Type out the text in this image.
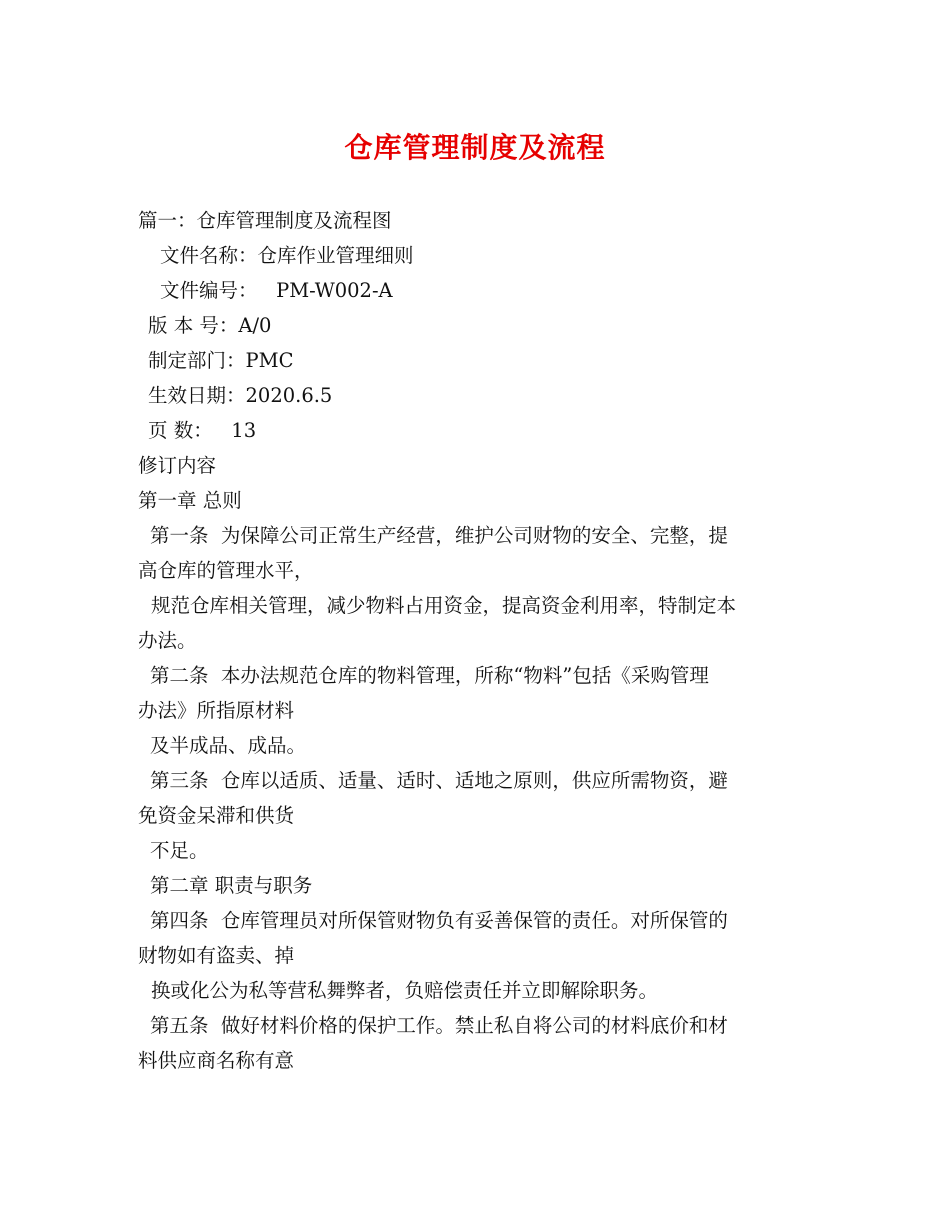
仓库管理制度及流程
篇一：仓库管理制度及流程图
文件名称：仓库作业管理细则
文件编号：   PM-W002-A
版 本 号：A/0
制定部门：PMC
生效日期：2020.6.5
页 数：   13
修订内容
第一章 总则
第一条  为保障公司正常生产经营，维护公司财物的安全、完整，提
高仓库的管理水平，
规范仓库相关管理，减少物料占用资金，提高资金利用率，特制定本
办法。
第二条  本办法规范仓库的物料管理，所称“物料”包括《采购管理
办法》所指原材料
及半成品、成品。
第三条  仓库以适质、适量、适时、适地之原则，供应所需物资，避
免资金呆滞和供货
不足。
第二章 职责与职务
第四条  仓库管理员对所保管财物负有妥善保管的责任。对所保管的
财物如有盗卖、掉
换或化公为私等营私舞弊者，负赔偿责任并立即解除职务。
第五条  做好材料价格的保护工作。禁止私自将公司的材料底价和材
料供应商名称有意
